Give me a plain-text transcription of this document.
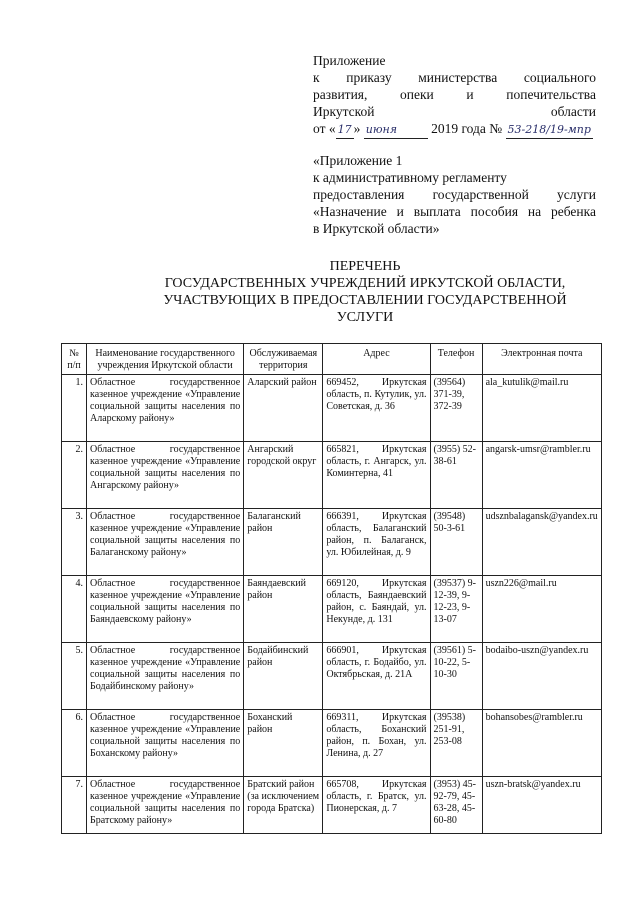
Приложение
к приказу министерства социального
развития, опеки и попечительства
Иркутской области
от « 17 » июня 2019 года № 53-218/19-мпр
«Приложение 1
к административному регламенту
предоставления государственной услуги
«Назначение и выплата пособия на ребенка
в Иркутской области»
ПЕРЕЧЕНЬ
ГОСУДАРСТВЕННЫХ УЧРЕЖДЕНИЙ ИРКУТСКОЙ ОБЛАСТИ,
УЧАСТВУЮЩИХ В ПРЕДОСТАВЛЕНИИ ГОСУДАРСТВЕННОЙ
УСЛУГИ
№ п/п	Наименование государственного учреждения Иркутской области	Обслуживаемая территория	Адрес	Телефон	Электронная почта
1.	Областное государственное казенное учреждение «Управление социальной защиты населения по Аларскому району»	Аларский район	669452, Иркутская область, п. Кутулик, ул. Советская, д. 36	(39564) 371-39, 372-39	ala_kutulik@mail.ru
2.	Областное государственное казенное учреждение «Управление социальной защиты населения по Ангарскому району»	Ангарский городской округ	665821, Иркутская область, г. Ангарск, ул. Коминтерна, 41	(3955) 52-38-61	angarsk-umsr@rambler.ru
3.	Областное государственное казенное учреждение «Управление социальной защиты населения по Балаганскому району»	Балаганский район	666391, Иркутская область, Балаганский район, п. Балаганск, ул. Юбилейная, д. 9	(39548) 50-3-61	udsznbalagansk@yandex.ru
4.	Областное государственное казенное учреждение «Управление социальной защиты населения по Баяндаевскому району»	Баяндаевский район	669120, Иркутская область, Баяндаевский район, с. Баяндай, ул. Некунде, д. 131	(39537) 9-12-39, 9-12-23, 9-13-07	uszn226@mail.ru
5.	Областное государственное казенное учреждение «Управление социальной защиты населения по Бодайбинскому району»	Бодайбинский район	666901, Иркутская область, г. Бодайбо, ул. Октябрьская, д. 21А	(39561) 5-10-22, 5-10-30	bodaibo-uszn@yandex.ru
6.	Областное государственное казенное учреждение «Управление социальной защиты населения по Боханскому району»	Боханский район	669311, Иркутская область, Боханский район, п. Бохан, ул. Ленина, д. 27	(39538) 251-91, 253-08	bohansobes@rambler.ru
7.	Областное государственное казенное учреждение «Управление социальной защиты населения по Братскому району»	Братский район (за исключением города Братска)	665708, Иркутская область, г. Братск, ул. Пионерская, д. 7	(3953) 45-92-79, 45-63-28, 45-60-80	uszn-bratsk@yandex.ru
